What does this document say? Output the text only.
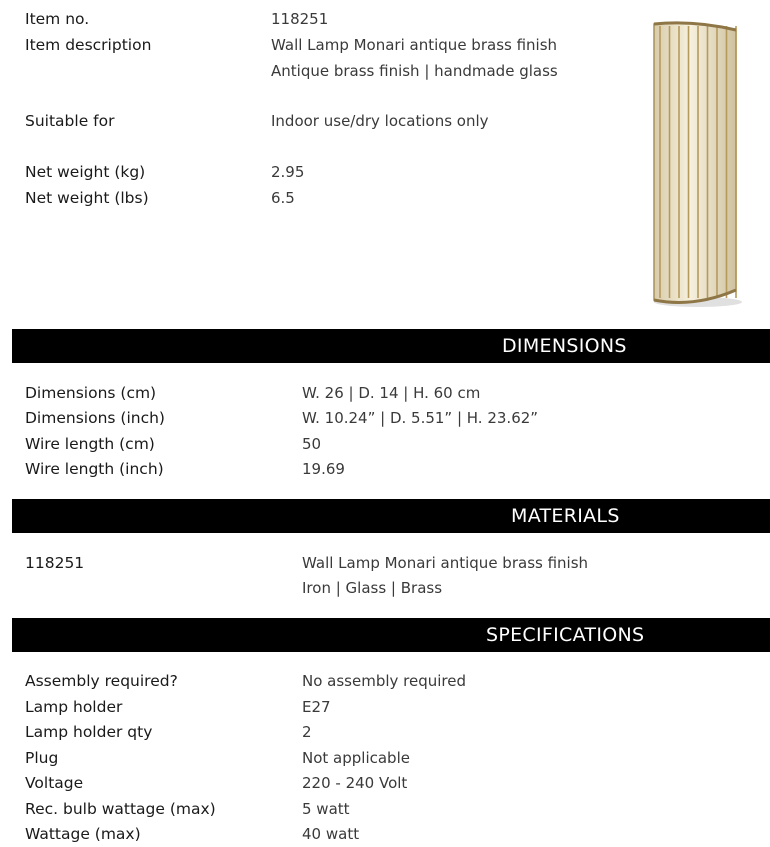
Item no.	118251
Item description	Wall Lamp Monari antique brass finish
Antique brass finish | handmade glass
Suitable for	Indoor use/dry locations only
Net weight (kg)	2.95
Net weight (lbs)	6.5
DIMENSIONS
Dimensions (cm)	W. 26 | D. 14 | H. 60 cm
Dimensions (inch)	W. 10.24” | D. 5.51” | H. 23.62”
Wire length (cm)	50
Wire length (inch)	19.69
MATERIALS
118251	Wall Lamp Monari antique brass finish
Iron | Glass | Brass
SPECIFICATIONS
Assembly required?	No assembly required
Lamp holder	E27
Lamp holder qty	2
Plug	Not applicable
Voltage	220 - 240 Volt
Rec. bulb wattage (max)	5 watt
Wattage (max)	40 watt
